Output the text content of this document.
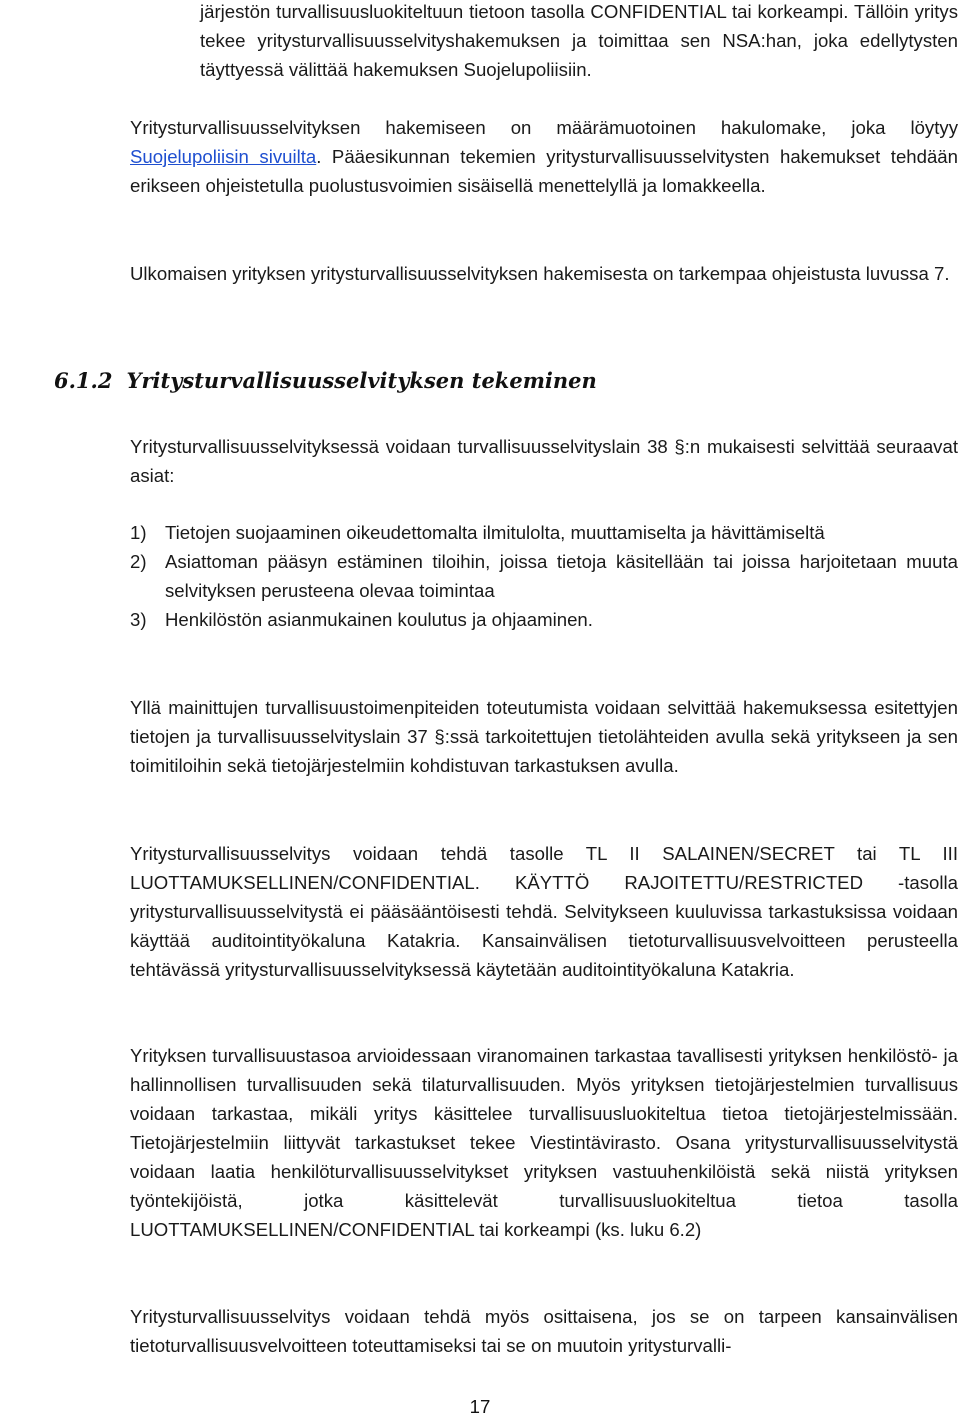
järjestön turvallisuusluokiteltuun tietoon tasolla CONFIDENTIAL tai korkeampi. Tällöin yritys tekee yritysturvallisuusselvityshakemuksen ja toimittaa sen NSA:han, joka edellytysten täyttyessä välittää hakemuksen Suojelupoliisiin.

Yritysturvallisuusselvityksen hakemiseen on määrämuotoinen hakulomake, joka löytyy Suojelupoliisin sivuilta. Pääesikunnan tekemien yritysturvallisuusselvitysten hakemukset tehdään erikseen ohjeistetulla puolustusvoimien sisäisellä menettelyllä ja lomakkeella.

Ulkomaisen yrityksen yritysturvallisuusselvityksen hakemisesta on tarkempaa ohjeistusta luvussa 7.

6.1.2 Yritysturvallisuusselvityksen tekeminen

Yritysturvallisuusselvityksessä voidaan turvallisuusselvityslain 38 §:n mukaisesti selvittää seuraavat asiat:

1) Tietojen suojaaminen oikeudettomalta ilmitulolta, muuttamiselta ja hävittämiseltä
2) Asiattoman pääsyn estäminen tiloihin, joissa tietoja käsitellään tai joissa harjoitetaan muuta selvityksen perusteena olevaa toimintaa
3) Henkilöstön asianmukainen koulutus ja ohjaaminen.

Yllä mainittujen turvallisuustoimenpiteiden toteutumista voidaan selvittää hakemuksessa esitettyjen tietojen ja turvallisuusselvityslain 37 §:ssä tarkoitettujen tietolähteiden avulla sekä yritykseen ja sen toimitiloihin sekä tietojärjestelmiin kohdistuvan tarkastuksen avulla.

Yritysturvallisuusselvitys voidaan tehdä tasolle TL II SALAINEN/SECRET tai TL III LUOTTAMUKSELLINEN/CONFIDENTIAL. KÄYTTÖ RAJOITETTU/RESTRICTED -tasolla yritysturvallisuusselvitystä ei pääsääntöisesti tehdä. Selvitykseen kuuluvissa tarkastuksissa voidaan käyttää auditointityökaluna Katakria. Kansainvälisen tietoturvallisuusvelvoitteen perusteella tehtävässä yritysturvallisuusselvityksessä käytetään auditointityökaluna Katakria.

Yrityksen turvallisuustasoa arvioidessaan viranomainen tarkastaa tavallisesti yrityksen henkilöstö- ja hallinnollisen turvallisuuden sekä tilaturvallisuuden. Myös yrityksen tietojärjestelmien turvallisuus voidaan tarkastaa, mikäli yritys käsittelee turvallisuusluokiteltua tietoa tietojärjestelmissään. Tietojärjestelmiin liittyvät tarkastukset tekee Viestintävirasto. Osana yritysturvallisuusselvitystä voidaan laatia henkilöturvallisuusselvitykset yrityksen vastuuhenkilöistä sekä niistä yrityksen työntekijöistä, jotka käsittelevät turvallisuusluokiteltua tietoa tasolla LUOTTAMUKSELLINEN/CONFIDENTIAL tai korkeampi (ks. luku 6.2)

Yritysturvallisuusselvitys voidaan tehdä myös osittaisena, jos se on tarpeen kansainvälisen tietoturvallisuusvelvoitteen toteuttamiseksi tai se on muutoin yritysturvalli-

17
